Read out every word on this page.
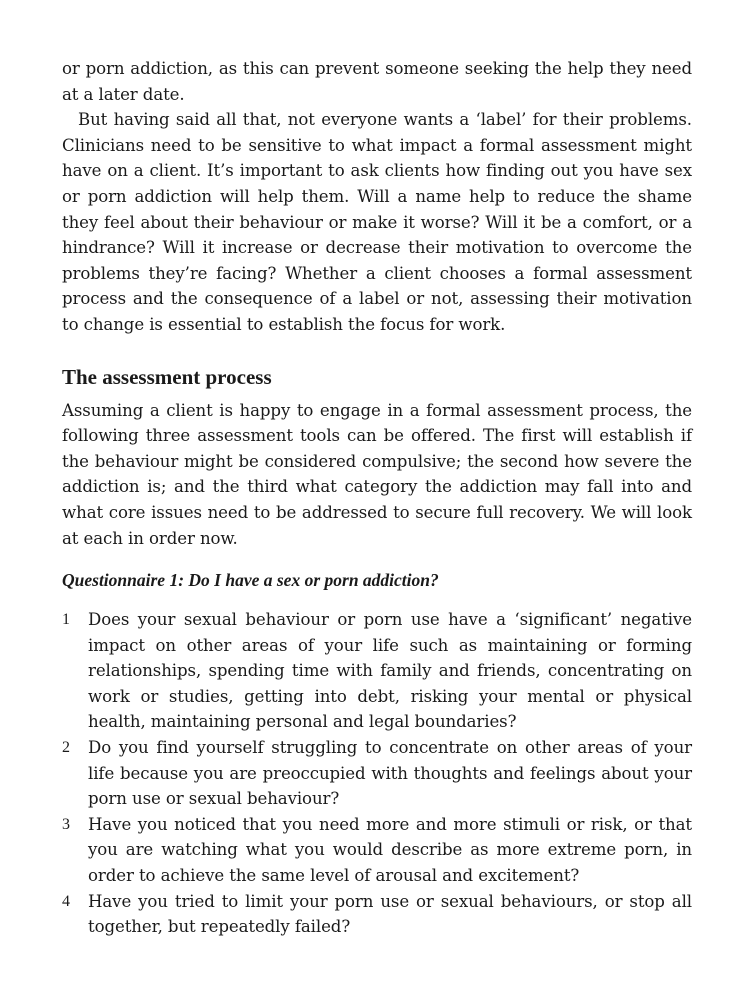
or porn addiction, as this can prevent someone seeking the help they need at a later date.

But having said all that, not everyone wants a ‘label’ for their problems. Clinicians need to be sensitive to what impact a formal assessment might have on a client. It’s important to ask clients how finding out you have sex or porn addiction will help them. Will a name help to reduce the shame they feel about their behaviour or make it worse? Will it be a comfort, or a hindrance? Will it increase or decrease their motivation to overcome the problems they’re facing? Whether a client chooses a formal assessment process and the consequence of a label or not, assessing their motivation to change is essential to establish the focus for work.

The assessment process

Assuming a client is happy to engage in a formal assessment process, the following three assessment tools can be offered. The first will establish if the behaviour might be considered compulsive; the second how severe the addiction is; and the third what category the addiction may fall into and what core issues need to be addressed to secure full recovery. We will look at each in order now.

Questionnaire 1: Do I have a sex or porn addiction?
1	Does your sexual behaviour or porn use have a ‘significant’ negative impact on other areas of your life such as maintaining or forming relationships, spending time with family and friends, concentrating on work or studies, getting into debt, risking your mental or physical health, maintaining personal and legal boundaries?
2	Do you find yourself struggling to concentrate on other areas of your life because you are preoccupied with thoughts and feelings about your porn use or sexual behaviour?
3	Have you noticed that you need more and more stimuli or risk, or that you are watching what you would describe as more extreme porn, in order to achieve the same level of arousal and excitement?
4	Have you tried to limit your porn use or sexual behaviours, or stop all together, but repeatedly failed?
